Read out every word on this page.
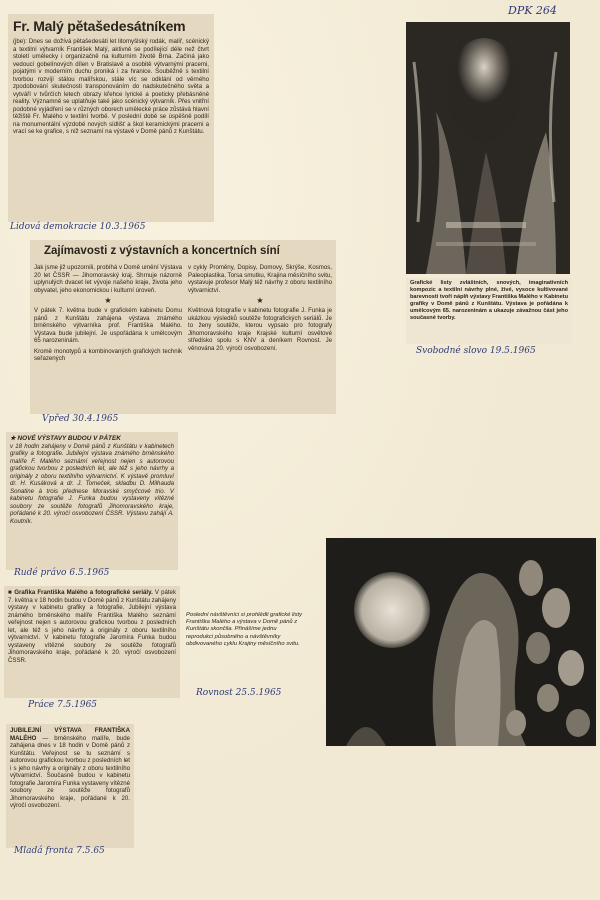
DPK 264
Fr. Malý pětašedesátníkem

(jbe): Dnes se dožívá pětašedesáti let litomyšlský rodák, malíř, scénický a textilní výtvarník František Malý, aktivně se podílející déle než čtvrt století umělecky i organizačně na kulturním životě Brna. Začíná jako vedoucí gobelínových dílen v Bratislavě a osobitě výtvarnými pracemi, pojatými v moderním duchu proniká i za hranice. Souběžně s textilní tvorbou rozvíjí stálou malířskou, stále víc se odklání od věrného zpodobování skutečnosti transponováním do nadskutečného světa a vytváří v tvůrčích letech obrazy křehce lyrické a poeticky přebásněné reality. Významně se uplatňuje také jako scénický výtvarník. Přes vnitřní podobné vyjádření se v různých oborech umělecké práce zůstává hlavní těžiště Fr. Malého v textilní tvorbě. V poslední době se úspěšně podílí na monumentální výzdobě nových sídlišť a škol keramickými pracemi a vrací se ke grafice, s níž seznamí na výstavě v Domě pánů z Kunštátu.

Lidová demokracie 10.3.1965
Zajímavosti z výstavních a koncertních síní

Jak jsme již upozornili, probíhá v Domě umění Výstava 20 let ČSSR — Jihomoravský kraj. Shrnuje názorně uplynulých dvacet let vývoje našeho kraje, života jeho obyvatel, jeho ekonomickou i kulturní úroveň.

★

V pátek 7. května bude v grafickém kabinetu Domu pánů z Kunštátu zahájena výstava známého brněnského výtvarníka prof. Františka Malého. Výstava bude jubilejní. Je uspořádána k umělcovým 65 narozeninám.

Kromě monotypů a kombinovaných grafických technik seřazených

v cykly Proměny, Dopisy, Domovy, Skrýše, Kosmos, Paleoplastika, Torsa smutku, Krajina měsíčního svitu, vystavuje profesor Malý též návrhy z oboru textilního výtvarnictví.

★

Květnová fotografie v kabinetu fotografie J. Funka je ukázkou výsledků soutěže fotografických seriálů. Je to ženy soutěže, kterou vypsalo pro fotografy Jihomoravského kraje Krajské kulturní osvětové středisko spolu s KNV a deníkem Rovnost. Je věnována 20. výročí osvobození.

Vpřed 30.4.1965

★ NOVÉ VÝSTAVY BUDOU V PÁTEK

v 18 hodin zahájeny v Domě pánů z Kunštátu v kabinetech grafiky a fotografie. Jubilejní výstava známého brněnského malíře F. Malého seznámí veřejnost nejen s autorovou grafickou tvorbou z posledních let, ale též s jeho návrhy a originály z oboru textilního výtvarnictví. K výstavě promluví dr. H. Kusáková a dr. J. Tomeček, skladbu D. Milhauda Sonatine à trois přednese Moravské smyčcové trio. V kabinetu fotografie J. Funka budou vystaveny vítězné soubory ze soutěže fotografů Jihomoravského kraje, pořádané k 20. výročí osvobození ČSSR. Výstavu zahájí A. Koutník.

Rudé právo 6.5.1965

■ Grafika Františka Malého a fotografické seriály. V pátek 7. května v 18 hodin budou v Domě pánů z Kunštátu zahájeny výstavy v kabinetu grafiky a fotografie. Jubilejní výstava známého brněnského malíře Františka Malého seznámí veřejnost nejen s autorovou grafickou tvorbou z posledních let, ale též s jeho návrhy a originály z oboru textilního výtvarnictví. V kabinetu fotografie Jaromíra Funka budou vystaveny vítězné soubory ze soutěže fotografů Jihomoravského kraje, pořádané k 20. výročí osvobození ČSSR.

Práce 7.5.1965

JUBILEJNÍ VÝSTAVA FRANTIŠKA MALÉHO — brněnského malíře, bude zahájena dnes v 18 hodin v Domě pánů z Kunštátu. Veřejnost se tu seznámí s autorovou grafickou tvorbou z posledních let i s jeho návrhy a originály z oboru textilního výtvarnictví. Současně budou v kabinetu fotografie Jaromíra Funka vystaveny vítězné soubory ze soutěže fotografů Jihomoravského kraje, pořádané k 20. výročí osvobození.

Mladá fronta 7.5.65

Grafické listy zvláštních, snových, imaginativních kompozic a textilní návrhy plné, živé, vysoce kultivované barevnosti tvoří náplň výstavy Františka Malého v Kabinetu grafiky v Domě pánů z Kunštátu. Výstava je pořádána k umělcovým 65. narozeninám a ukazuje závažnou část jeho současné tvorby.

Svobodné slovo 19.5.1965

Poslední návštěvníci si prohlédli grafické listy Františka Malého a výstava v Domě pánů z Kunštátu skončila. Přinášíme jednu reprodukci působného a návštěvníky obdivovaného cyklu Krajiny měsíčního svitu.

Rovnost 25.5.1965
